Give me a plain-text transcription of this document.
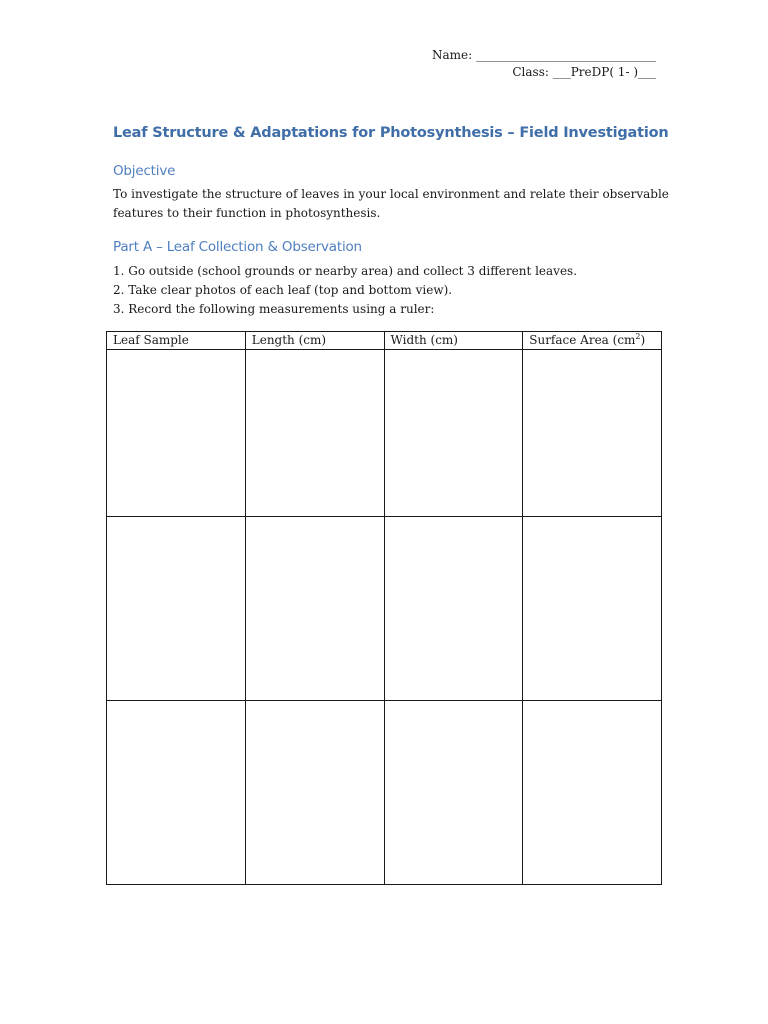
Name: ______________________________
Class: ___PreDP( 1- )___
Leaf Structure & Adaptations for Photosynthesis – Field Investigation
Objective
To investigate the structure of leaves in your local environment and relate their observable features to their function in photosynthesis.
Part A – Leaf Collection & Observation
1. Go outside (school grounds or nearby area) and collect 3 different leaves.
2. Take clear photos of each leaf (top and bottom view).
3. Record the following measurements using a ruler:
Leaf Sample	Length (cm)	Width (cm)	Surface Area $(cm^2)$
